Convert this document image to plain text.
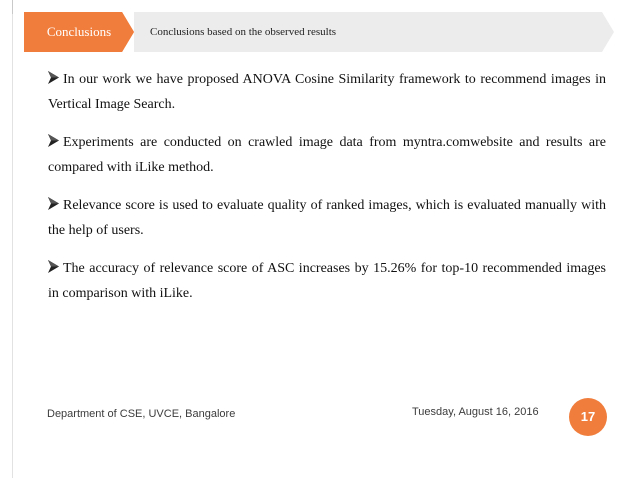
Conclusions	Conclusions based on the observed results
In our work we have proposed ANOVA Cosine Similarity framework to recommend images in Vertical Image Search.
Experiments are conducted on crawled image data from myntra.comwebsite and results are compared with iLike method.
Relevance score is used to evaluate quality of ranked images, which is evaluated manually with the help of users.
The accuracy of relevance score of ASC increases by 15.26% for top-10 recommended images in comparison with iLike.
Department of CSE, UVCE, Bangalore	Tuesday, August 16, 2016	17
